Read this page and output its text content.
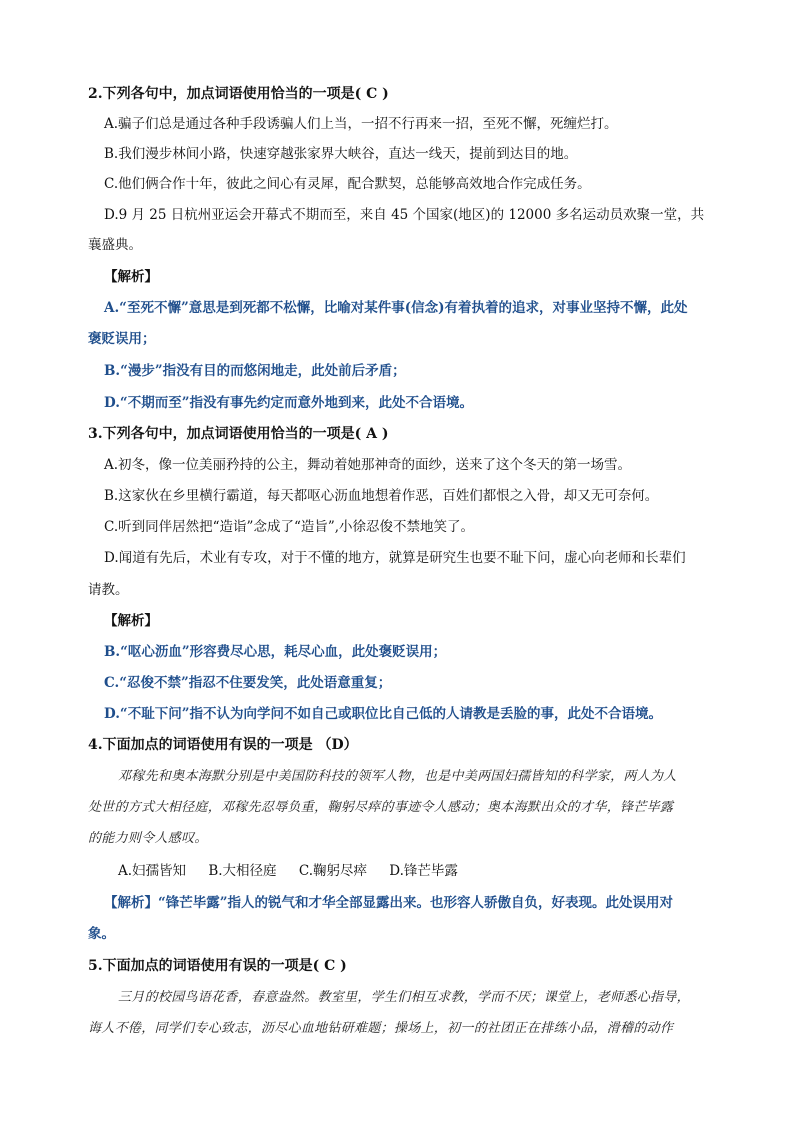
2.下列各句中，加点词语使用恰当的一项是( C )
A.骗子们总是通过各种手段诱骗人们上当，一招不行再来一招，至死不懈，死缠烂打。
B.我们漫步林间小路，快速穿越张家界大峡谷，直达一线天，提前到达目的地。
C.他们俩合作十年，彼此之间心有灵犀，配合默契，总能够高效地合作完成任务。
D.9 月 25 日杭州亚运会开幕式不期而至，来自 45 个国家(地区)的 12000 多名运动员欢聚一堂，共
襄盛典。
【解析】
A.“至死不懈”意思是到死都不松懈，比喻对某件事(信念)有着执着的追求，对事业坚持不懈，此处
褒贬误用；
B.“漫步”指没有目的而悠闲地走，此处前后矛盾；
D.“不期而至”指没有事先约定而意外地到来，此处不合语境。
3.下列各句中，加点词语使用恰当的一项是( A )
A.初冬，像一位美丽矜持的公主，舞动着她那神奇的面纱，送来了这个冬天的第一场雪。
B.这家伙在乡里横行霸道，每天都呕心沥血地想着作恶，百姓们都恨之入骨，却又无可奈何。
C.听到同伴居然把“造诣”念成了“造旨”,小徐忍俊不禁地笑了。
D.闻道有先后，术业有专攻，对于不懂的地方，就算是研究生也要不耻下问，虚心向老师和长辈们
请教。
【解析】
B.“呕心沥血”形容费尽心思，耗尽心血，此处褒贬误用；
C.“忍俊不禁”指忍不住要发笑，此处语意重复；
D.“不耻下问”指不认为向学问不如自己或职位比自己低的人请教是丢脸的事，此处不合语境。
4.下面加点的词语使用有误的一项是 （D）
邓稼先和奥本海默分别是中美国防科技的领军人物，也是中美两国妇孺皆知的科学家，两人为人
处世的方式大相径庭，邓稼先忍辱负重，鞠躬尽瘁的事迹令人感动；奥本海默出众的才华，锋芒毕露
的能力则令人感叹。
A.妇孺皆知 B.大相径庭 C.鞠躬尽瘁 D.锋芒毕露
【解析】“锋芒毕露”指人的锐气和才华全部显露出来。也形容人骄傲自负，好表现。此处误用对
象。
5.下面加点的词语使用有误的一项是( C )
三月的校园鸟语花香，春意盎然。教室里，学生们相互求教，学而不厌；课堂上，老师悉心指导，
诲人不倦，同学们专心致志，沥尽心血地钻研难题；操场上，初一的社团正在排练小品，滑稽的动作
